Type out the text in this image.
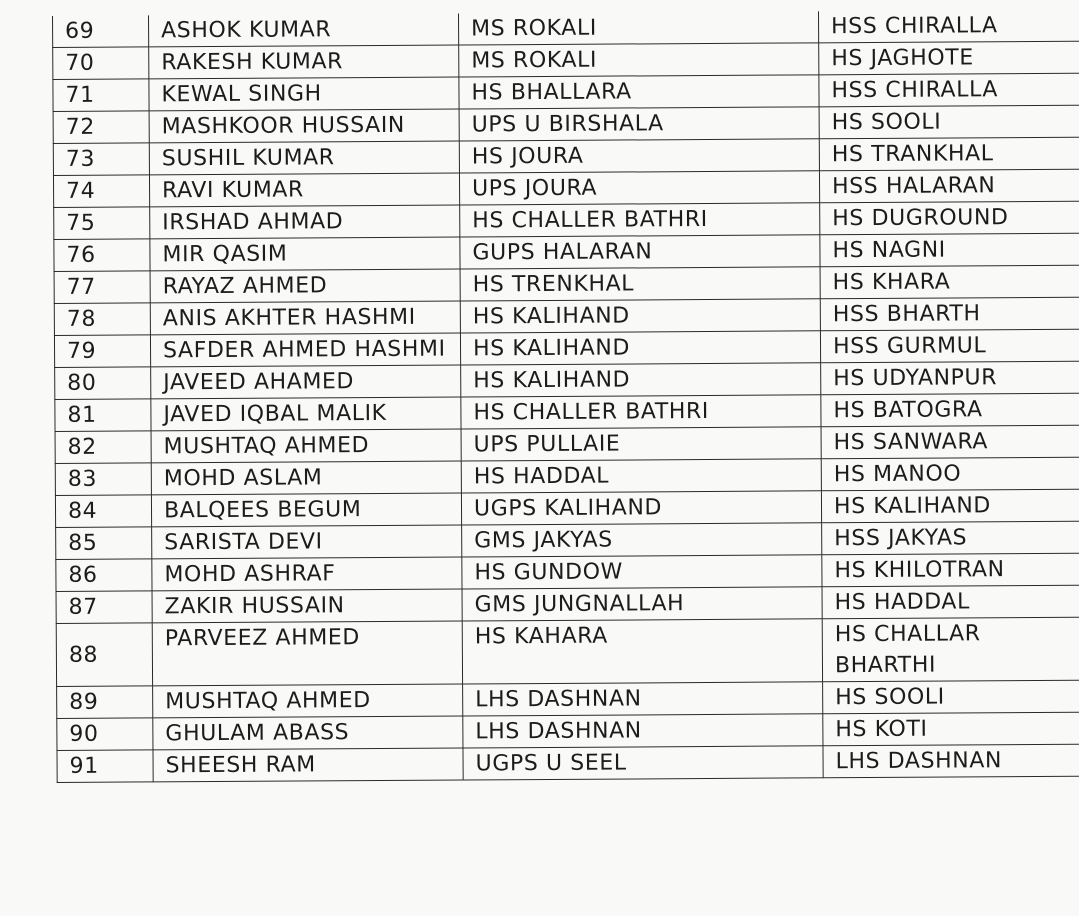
69	ASHOK KUMAR	MS ROKALI	HSS CHIRALLA
70	RAKESH KUMAR	MS ROKALI	HS JAGHOTE
71	KEWAL SINGH	HS BHALLARA	HSS CHIRALLA
72	MASHKOOR HUSSAIN	UPS U BIRSHALA	HS SOOLI
73	SUSHIL KUMAR	HS JOURA	HS TRANKHAL
74	RAVI KUMAR	UPS JOURA	HSS HALARAN
75	IRSHAD AHMAD	HS CHALLER BATHRI	HS DUGROUND
76	MIR QASIM	GUPS HALARAN	HS NAGNI
77	RAYAZ AHMED	HS TRENKHAL	HS KHARA
78	ANIS AKHTER HASHMI	HS KALIHAND	HSS BHARTH
79	SAFDER AHMED HASHMI	HS KALIHAND	HSS GURMUL
80	JAVEED AHAMED	HS KALIHAND	HS UDYANPUR
81	JAVED IQBAL MALIK	HS CHALLER BATHRI	HS BATOGRA
82	MUSHTAQ AHMED	UPS PULLAIE	HS SANWARA
83	MOHD ASLAM	HS HADDAL	HS MANOO
84	BALQEES BEGUM	UGPS KALIHAND	HS KALIHAND
85	SARISTA DEVI	GMS JAKYAS	HSS JAKYAS
86	MOHD ASHRAF	HS GUNDOW	HS KHILOTRAN
87	ZAKIR HUSSAIN	GMS JUNGNALLAH	HS HADDAL
88	PARVEEZ AHMED	HS KAHARA	HS CHALLAR BHARTHI
89	MUSHTAQ AHMED	LHS DASHNAN	HS SOOLI
90	GHULAM ABASS	LHS DASHNAN	HS KOTI
91	SHEESH RAM	UGPS U SEEL	LHS DASHNAN
